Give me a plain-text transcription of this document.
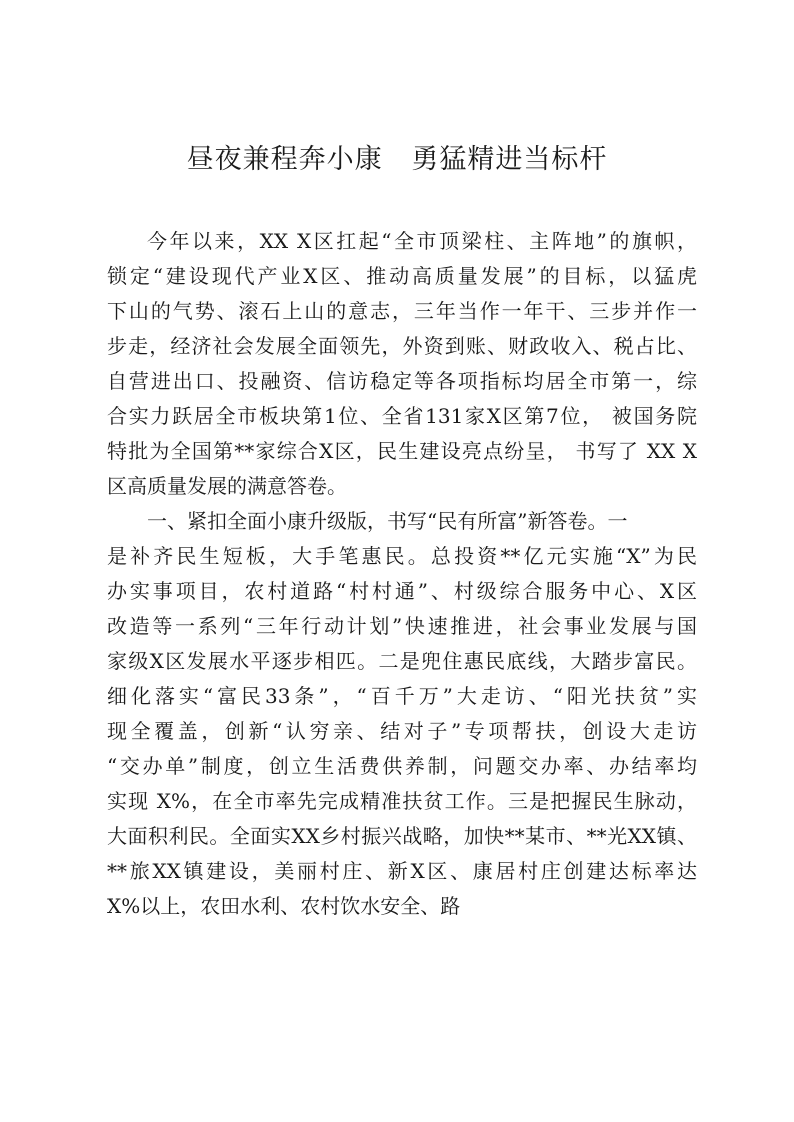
昼夜兼程奔小康   勇猛精进当标杆
今年以来，XX X区扛起“全市顶梁柱、主阵地”的旗帜，
锁定“建设现代产业X区、推动高质量发展”的目标，以猛虎
下山的气势、滚石上山的意志，三年当作一年干、三步并作一
步走，经济社会发展全面领先，外资到账、财政收入、税占比、
自营进出口、投融资、信访稳定等各项指标均居全市第一，综
合实力跃居全市板块第1位、全省131家X区第7位， 被国务院
特批为全国第**家综合X区，民生建设亮点纷呈， 书写了 XX X
区高质量发展的满意答卷。
一、紧扣全面小康升级版，书写“民有所富”新答卷。一
是补齐民生短板，大手笔惠民。总投资**亿元实施“X”为民
办实事项目，农村道路“村村通”、村级综合服务中心、X区
改造等一系列“三年行动计划”快速推进，社会事业发展与国
家级X区发展水平逐步相匹。二是兜住惠民底线，大踏步富民。
细化落实“富民33条”，“百千万”大走访、“阳光扶贫”实
现全覆盖，创新“认穷亲、结对子”专项帮扶，创设大走访
“交办单”制度，创立生活费供养制，问题交办率、办结率均
实现 X%，在全市率先完成精准扶贫工作。三是把握民生脉动，
大面积利民。全面实XX乡村振兴战略，加快**某市、**光XX镇、
**旅XX镇建设，美丽村庄、新X区、康居村庄创建达标率达
X%以上，农田水利、农村饮水安全、路
